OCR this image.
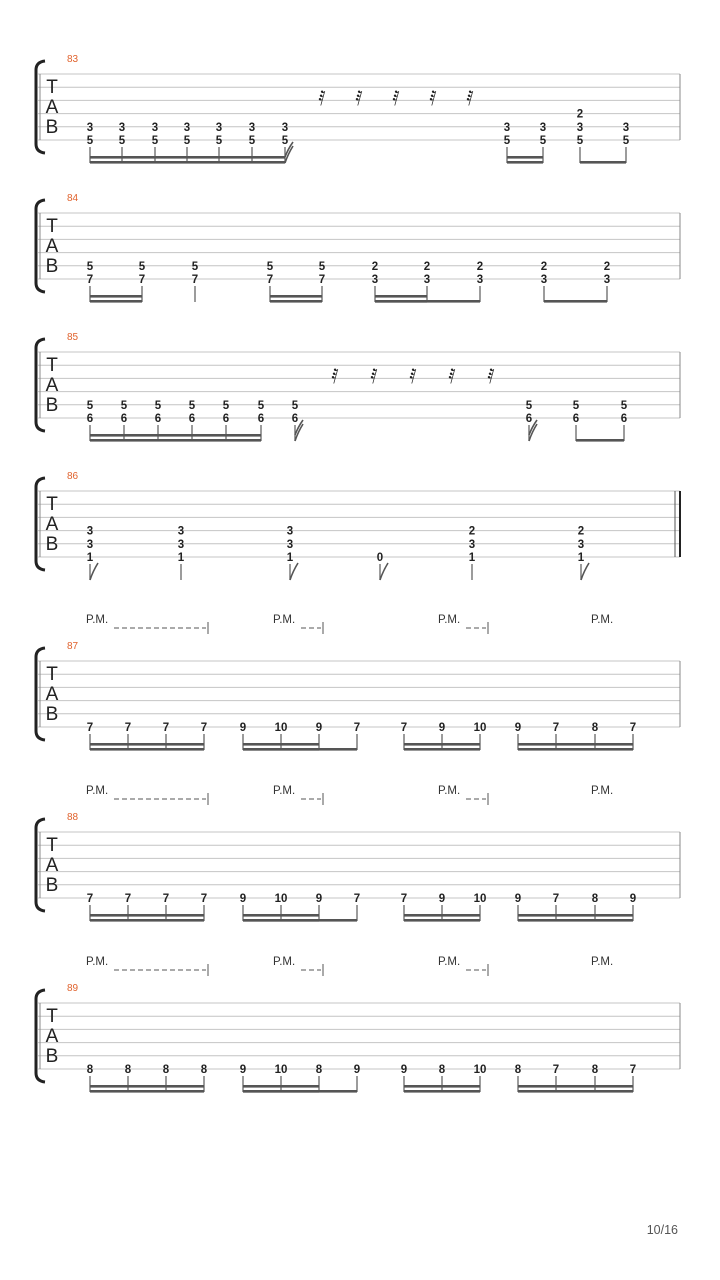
T
A
B
83
𝅀 𝅀 𝅀 𝅀 𝅀
3
5
3
5
3
5
3
5
3
5
3
5
3
5
3
5
3
5
2
3
5
3
5
T
A
B
84
5
7
5
7
5
7
5
7
5
7
2
3
2
3
2
3
2
3
2
3
T
A
B
85
𝅀 𝅀 𝅀 𝅀 𝅀
5
6
5
6
5
6
5
6
5
6
5
6
5
6
5
6
5
6
5
6
T
A
B
86
3
3
1
3
3
1
3
3
1	0
2
3
1
2
3
1
T
A
B
87
P.M.	P.M.	P.M.	P.M.
7	7	7	7	9 10 9	7	7	9 10 9	7	8	7
T
A
B
88
P.M.	P.M.	P.M.	P.M.
7	7	7	7	9 10 9	7	7	9 10 9	7	8	9
T
A
B
89
P.M.	P.M.	P.M.	P.M.
8	8	8	8	9 10 8	9	9	8 10 8	7	8	7
10/16
